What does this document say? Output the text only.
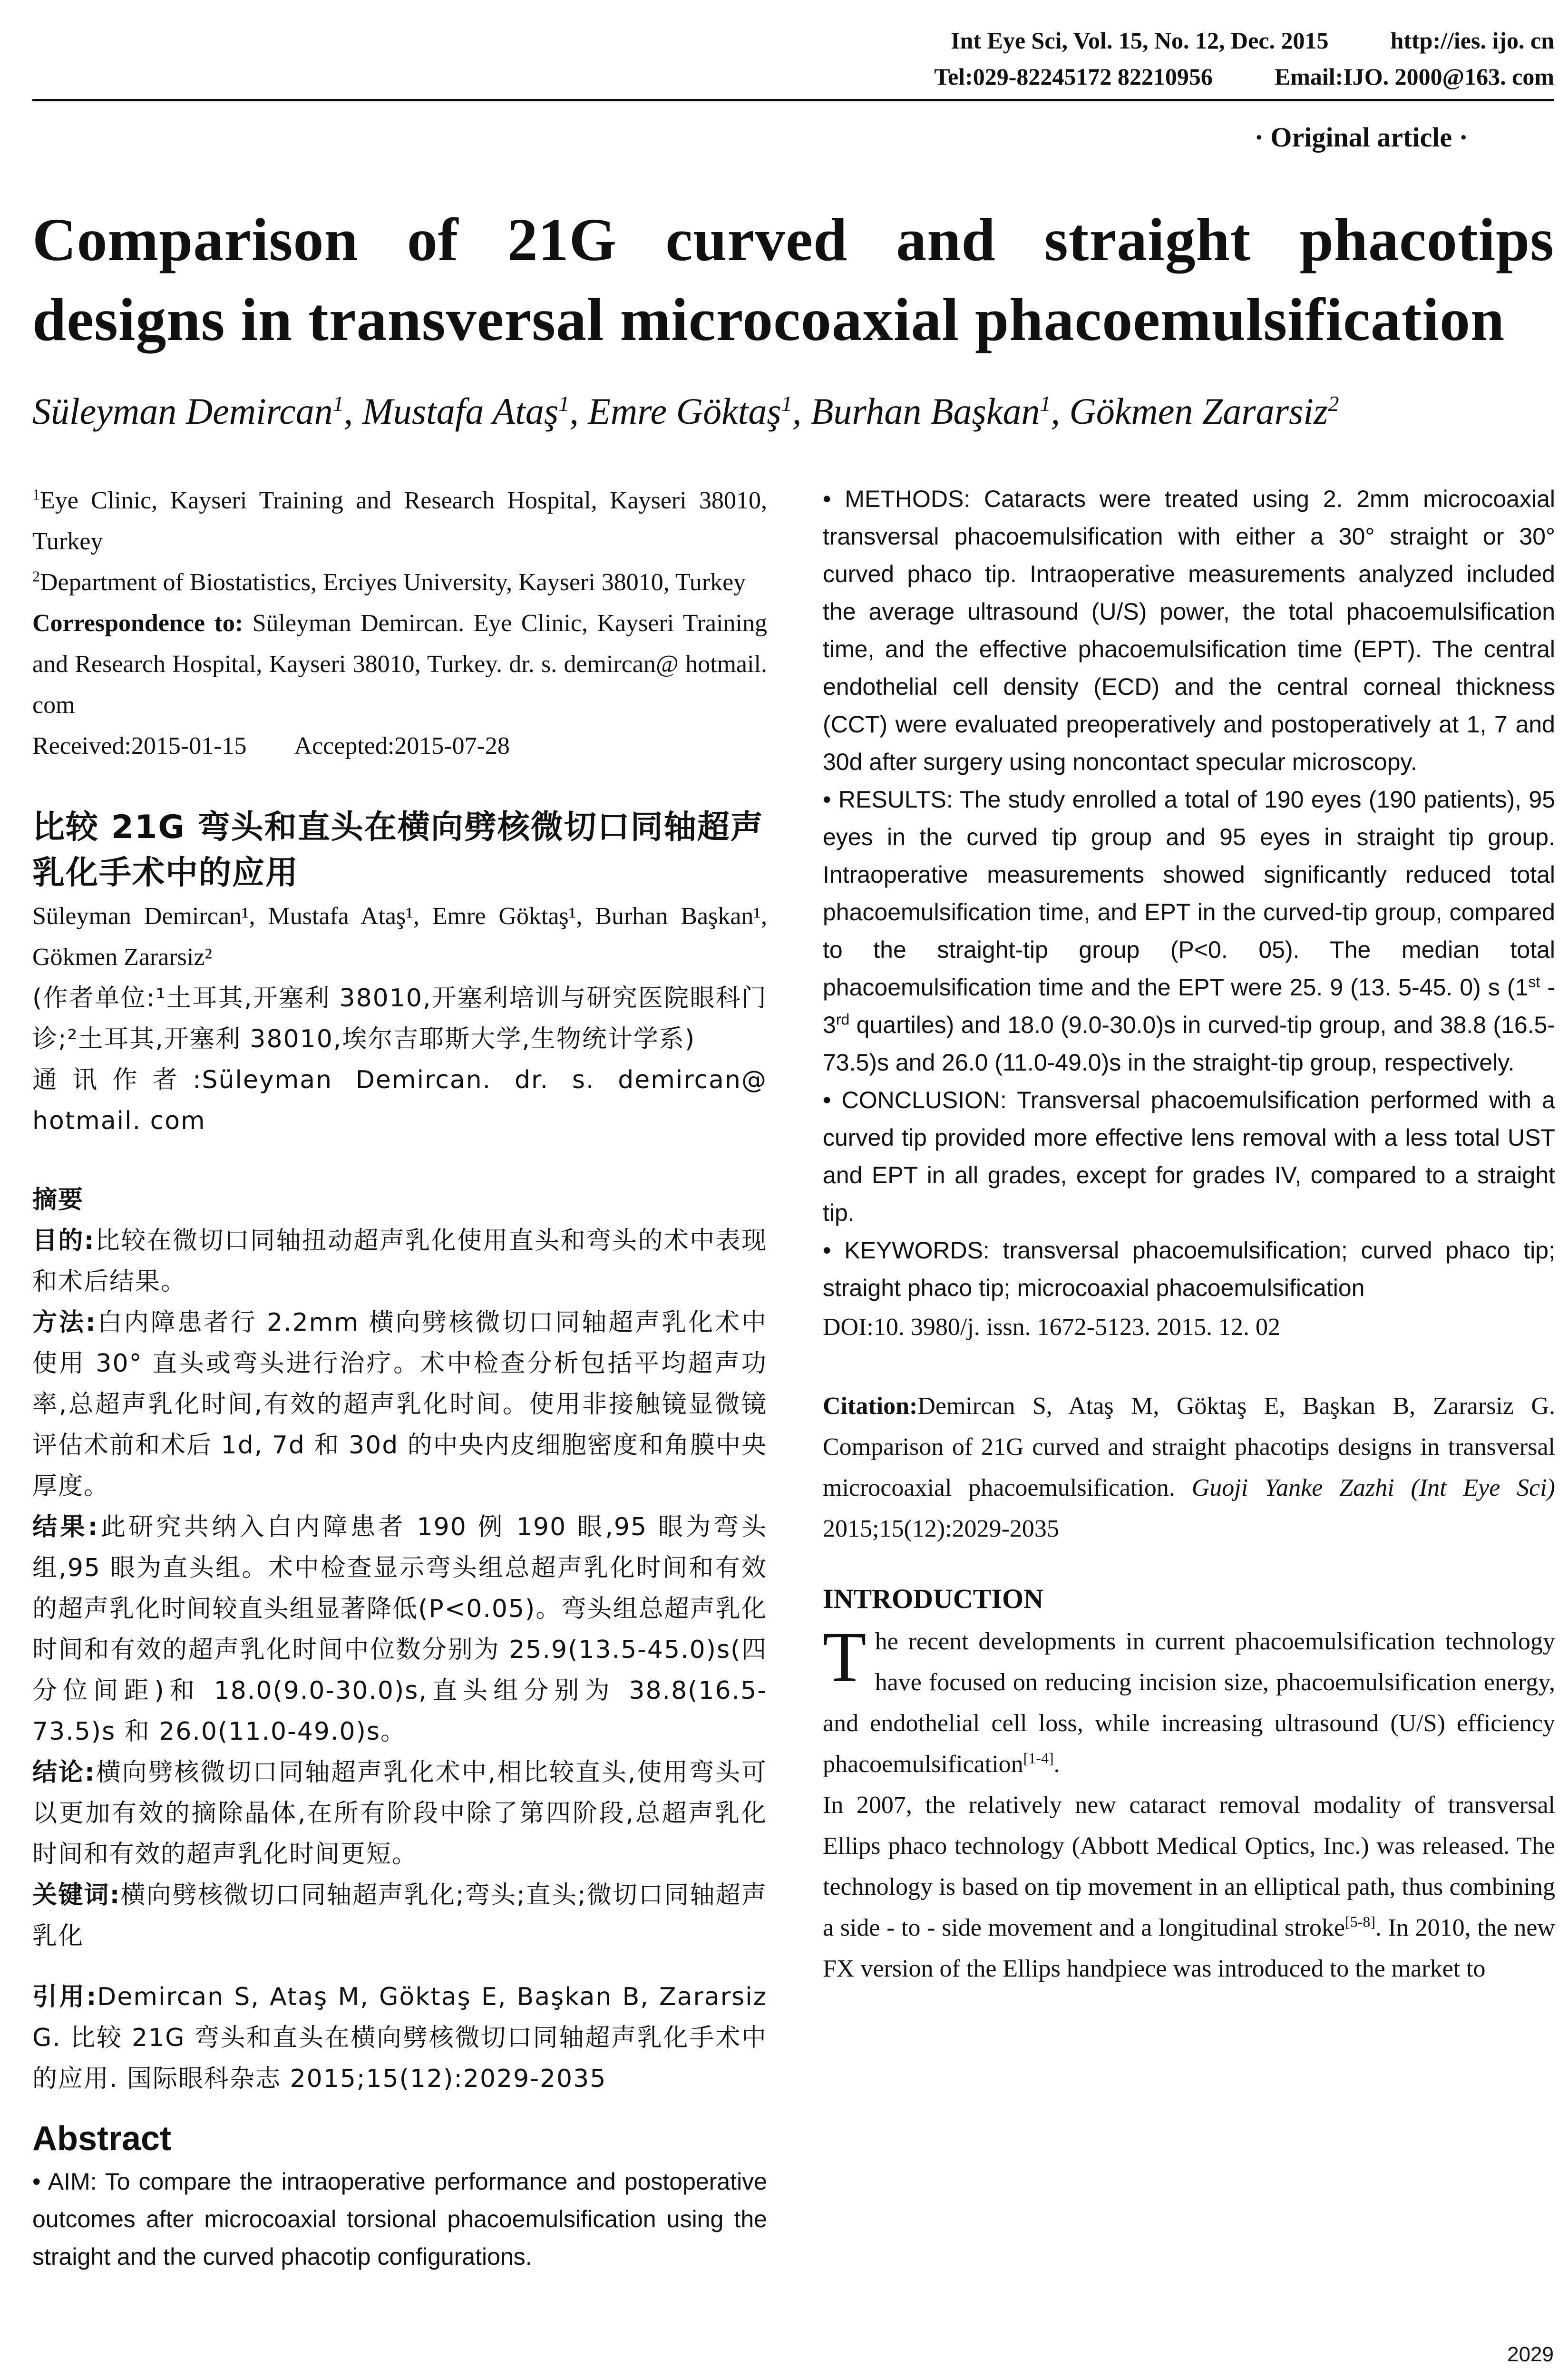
Int Eye Sci, Vol. 15, No. 12, Dec. 2015	http://ies. ijo. cn
Tel:029-82245172 82210956	Email:IJO. 2000@163. com
· Original article ·
Comparison of 21G curved and straight phacotips designs in transversal microcoaxial phacoemulsification
Süleyman Demircan$^1$, Mustafa Ataş$^1$, Emre Göktaş$^1$, Burhan Başkan$^1$, Gökmen Zararsiz$^2$
$^1$Eye Clinic, Kayseri Training and Research Hospital, Kayseri 38010, Turkey
$^2$Department of Biostatistics, Erciyes University, Kayseri 38010, Turkey
Correspondence to: Süleyman Demircan. Eye Clinic, Kayseri Training and Research Hospital, Kayseri 38010, Turkey. dr. s. demircan@ hotmail. com
Received:2015-01-15 Accepted:2015-07-28
比较 21G 弯头和直头在横向劈核微切口同轴超声乳化手术中的应用
Süleyman Demircan¹, Mustafa Ataş¹, Emre Göktaş¹, Burhan Başkan¹, Gökmen Zararsiz²
(作者单位:¹土耳其,开塞利 38010,开塞利培训与研究医院眼科门诊;²土耳其,开塞利 38010,埃尔吉耶斯大学,生物统计学系)
通讯作者:Süleyman Demircan. dr. s. demircan@ hotmail. com
摘要
目的:比较在微切口同轴扭动超声乳化使用直头和弯头的术中表现和术后结果。
方法:白内障患者行 2.2mm 横向劈核微切口同轴超声乳化术中使用 30° 直头或弯头进行治疗。术中检查分析包括平均超声功率,总超声乳化时间,有效的超声乳化时间。使用非接触镜显微镜评估术前和术后 1d, 7d 和 30d 的中央内皮细胞密度和角膜中央厚度。
结果:此研究共纳入白内障患者 190 例 190 眼,95 眼为弯头组,95 眼为直头组。术中检查显示弯头组总超声乳化时间和有效的超声乳化时间较直头组显著降低(P<0.05)。弯头组总超声乳化时间和有效的超声乳化时间中位数分别为 25.9(13.5-45.0)s(四分位间距)和 18.0(9.0-30.0)s,直头组分别为 38.8(16.5-73.5)s 和 26.0(11.0-49.0)s。
结论:横向劈核微切口同轴超声乳化术中,相比较直头,使用弯头可以更加有效的摘除晶体,在所有阶段中除了第四阶段,总超声乳化时间和有效的超声乳化时间更短。
关键词:横向劈核微切口同轴超声乳化;弯头;直头;微切口同轴超声乳化
引用:Demircan S, Ataş M, Göktaş E, Başkan B, Zararsiz G. 比较 21G 弯头和直头在横向劈核微切口同轴超声乳化手术中的应用. 国际眼科杂志 2015;15(12):2029-2035
Abstract
• AIM: To compare the intraoperative performance and postoperative outcomes after microcoaxial torsional phacoemulsification using the straight and the curved phacotip configurations.
• METHODS: Cataracts were treated using 2. 2mm microcoaxial transversal phacoemulsification with either a 30° straight or 30° curved phaco tip. Intraoperative measurements analyzed included the average ultrasound (U/S) power, the total phacoemulsification time, and the effective phacoemulsification time (EPT). The central endothelial cell density (ECD) and the central corneal thickness (CCT) were evaluated preoperatively and postoperatively at 1, 7 and 30d after surgery using noncontact specular microscopy.
• RESULTS: The study enrolled a total of 190 eyes (190 patients), 95 eyes in the curved tip group and 95 eyes in straight tip group. Intraoperative measurements showed significantly reduced total phacoemulsification time, and EPT in the curved-tip group, compared to the straight-tip group (P<0. 05). The median total phacoemulsification time and the EPT were 25. 9 (13. 5-45. 0) s (1st - 3rd quartiles) and 18.0 (9.0-30.0)s in curved-tip group, and 38.8 (16.5-73.5)s and 26.0 (11.0-49.0)s in the straight-tip group, respectively.
• CONCLUSION: Transversal phacoemulsification performed with a curved tip provided more effective lens removal with a less total UST and EPT in all grades, except for grades IV, compared to a straight tip.
• KEYWORDS: transversal phacoemulsification; curved phaco tip; straight phaco tip; microcoaxial phacoemulsification
DOI:10. 3980/j. issn. 1672-5123. 2015. 12. 02
Citation:Demircan S, Ataş M, Göktaş E, Başkan B, Zararsiz G. Comparison of 21G curved and straight phacotips designs in transversal microcoaxial phacoemulsification. Guoji Yanke Zazhi (Int Eye Sci) 2015;15(12):2029-2035
INTRODUCTION
The recent developments in current phacoemulsification technology have focused on reducing incision size, phacoemulsification energy, and endothelial cell loss, while increasing ultrasound (U/S) efficiency phacoemulsification[1-4].
In 2007, the relatively new cataract removal modality of transversal Ellips phaco technology (Abbott Medical Optics, Inc.) was released. The technology is based on tip movement in an elliptical path, thus combining a side - to - side movement and a longitudinal stroke[5-8]. In 2010, the new FX version of the Ellips handpiece was introduced to the market to
2029
